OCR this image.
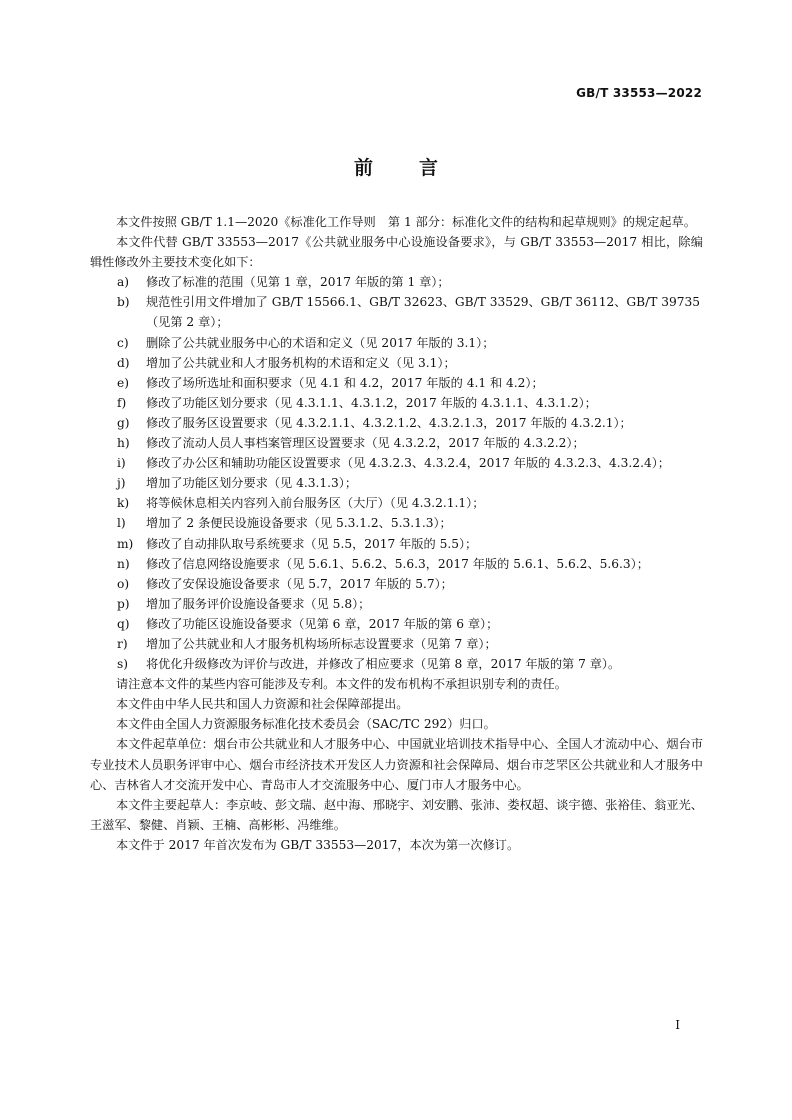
GB/T 33553—2022
前言
本文件按照 GB/T 1.1—2020《标准化工作导则　第 1 部分：标准化文件的结构和起草规则》的规定起草。
本文件代替 GB/T 33553—2017《公共就业服务中心设施设备要求》，与 GB/T 33553—2017 相比，除编辑性修改外主要技术变化如下：
a) 修改了标准的范围（见第 1 章，2017 年版的第 1 章）；
b) 规范性引用文件增加了 GB/T 15566.1、GB/T 32623、GB/T 33529、GB/T 36112、GB/T 39735（见第 2 章）；
c) 删除了公共就业服务中心的术语和定义（见 2017 年版的 3.1）；
d) 增加了公共就业和人才服务机构的术语和定义（见 3.1）；
e) 修改了场所选址和面积要求（见 4.1 和 4.2，2017 年版的 4.1 和 4.2）；
f) 修改了功能区划分要求（见 4.3.1.1、4.3.1.2，2017 年版的 4.3.1.1、4.3.1.2）；
g) 修改了服务区设置要求（见 4.3.2.1.1、4.3.2.1.2、4.3.2.1.3，2017 年版的 4.3.2.1）；
h) 修改了流动人员人事档案管理区设置要求（见 4.3.2.2，2017 年版的 4.3.2.2）；
i) 修改了办公区和辅助功能区设置要求（见 4.3.2.3、4.3.2.4，2017 年版的 4.3.2.3、4.3.2.4）；
j) 增加了功能区划分要求（见 4.3.1.3）；
k) 将等候休息相关内容列入前台服务区（大厅）（见 4.3.2.1.1）；
l) 增加了 2 条便民设施设备要求（见 5.3.1.2、5.3.1.3）；
m) 修改了自动排队取号系统要求（见 5.5，2017 年版的 5.5）；
n) 修改了信息网络设施要求（见 5.6.1、5.6.2、5.6.3，2017 年版的 5.6.1、5.6.2、5.6.3）；
o) 修改了安保设施设备要求（见 5.7，2017 年版的 5.7）；
p) 增加了服务评价设施设备要求（见 5.8）；
q) 修改了功能区设施设备要求（见第 6 章，2017 年版的第 6 章）；
r) 增加了公共就业和人才服务机构场所标志设置要求（见第 7 章）；
s) 将优化升级修改为评价与改进，并修改了相应要求（见第 8 章，2017 年版的第 7 章）。
请注意本文件的某些内容可能涉及专利。本文件的发布机构不承担识别专利的责任。
本文件由中华人民共和国人力资源和社会保障部提出。
本文件由全国人力资源服务标准化技术委员会（SAC/TC 292）归口。
本文件起草单位：烟台市公共就业和人才服务中心、中国就业培训技术指导中心、全国人才流动中心、烟台市专业技术人员职务评审中心、烟台市经济技术开发区人力资源和社会保障局、烟台市芝罘区公共就业和人才服务中心、吉林省人才交流开发中心、青岛市人才交流服务中心、厦门市人才服务中心。
本文件主要起草人：李京岐、彭文瑞、赵中海、邢晓宇、刘安鹏、张沛、娄权超、谈宇德、张裕佳、翁亚光、王滋军、黎健、肖颖、王楠、高彬彬、冯维维。
本文件于 2017 年首次发布为 GB/T 33553—2017，本次为第一次修订。
I
